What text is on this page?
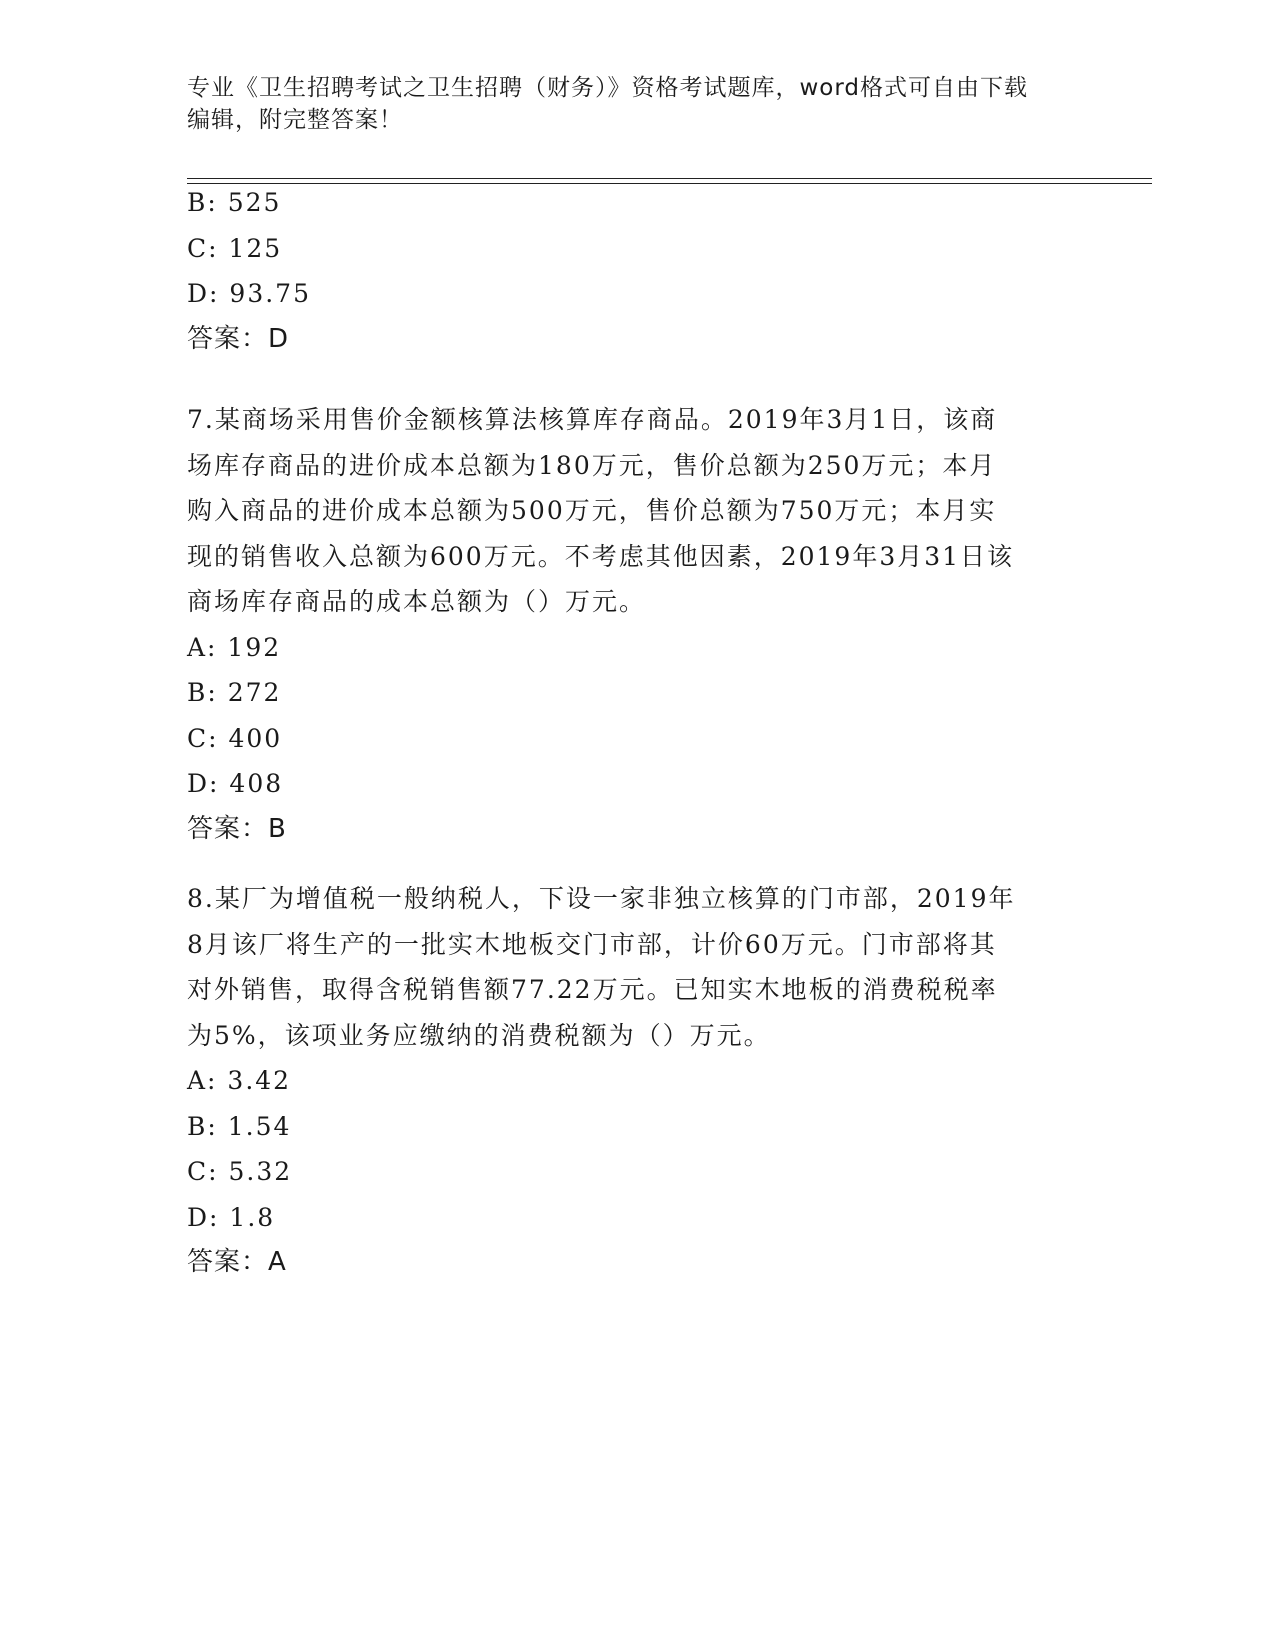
专业《卫生招聘考试之卫生招聘（财务）》资格考试题库，word格式可自由下载
编辑，附完整答案！
B: 525
C: 125
D: 93.75
答案：D
7.某商场采用售价金额核算法核算库存商品。2019年3月1日，该商
场库存商品的进价成本总额为180万元，售价总额为250万元；本月
购入商品的进价成本总额为500万元，售价总额为750万元；本月实
现的销售收入总额为600万元。不考虑其他因素，2019年3月31日该
商场库存商品的成本总额为（）万元。
A: 192
B: 272
C: 400
D: 408
答案：B
8.某厂为增值税一般纳税人，下设一家非独立核算的门市部，2019年
8月该厂将生产的一批实木地板交门市部，计价60万元。门市部将其
对外销售，取得含税销售额77.22万元。已知实木地板的消费税税率
为5%，该项业务应缴纳的消费税额为（）万元。
A: 3.42
B: 1.54
C: 5.32
D: 1.8
答案：A
